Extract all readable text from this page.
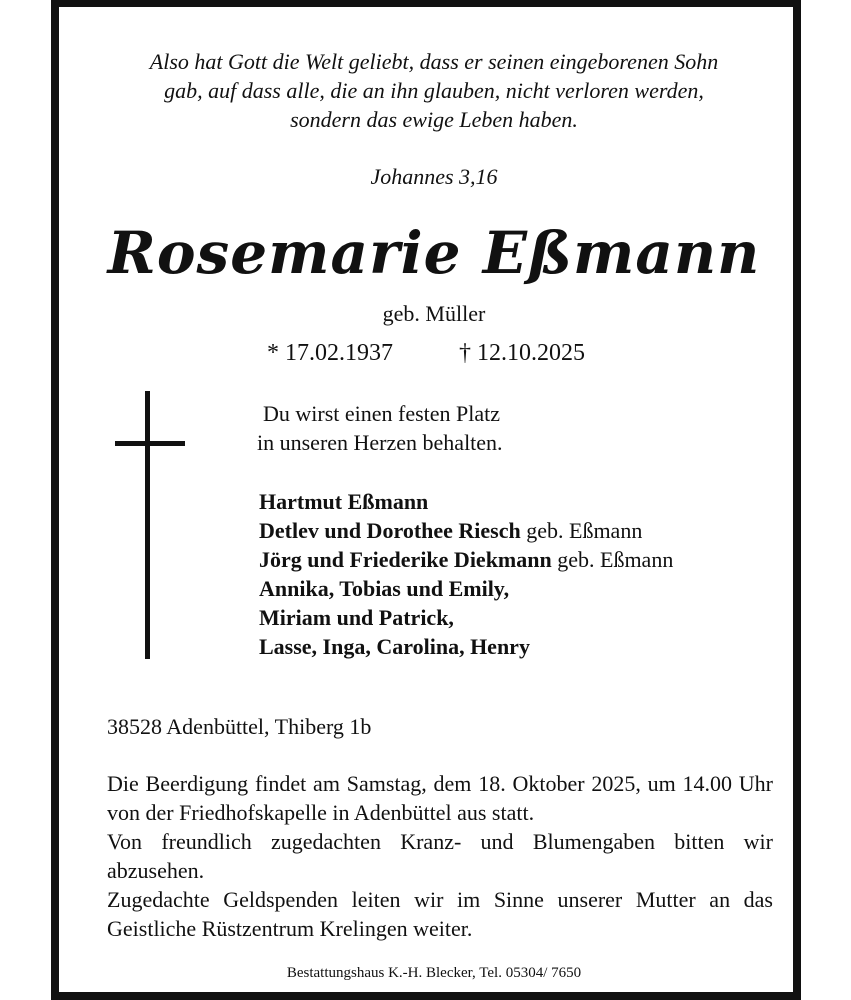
Also hat Gott die Welt geliebt, dass er seinen eingeborenen Sohn
gab, auf dass alle, die an ihn glauben, nicht verloren werden,
sondern das ewige Leben haben.
Johannes 3,16
Rosemarie Eßmann
geb. Müller
* 17.02.1937	† 12.10.2025
Du wirst einen festen Platz
in unseren Herzen behalten.
Hartmut Eßmann
Detlev und Dorothee Riesch geb. Eßmann
Jörg und Friederike Diekmann geb. Eßmann
Annika, Tobias und Emily,
Miriam und Patrick,
Lasse, Inga, Carolina, Henry
38528 Adenbüttel, Thiberg 1b

Die Beerdigung findet am Samstag, dem 18. Oktober 2025, um 14.00 Uhr von der Friedhofskapelle in Adenbüttel aus statt.

Von freundlich zugedachten Kranz- und Blumengaben bitten wir abzusehen.

Zugedachte Geldspenden leiten wir im Sinne unserer Mutter an das Geistliche Rüstzentrum Krelingen weiter.

Bestattungshaus K.-H. Blecker, Tel. 05304/ 7650
